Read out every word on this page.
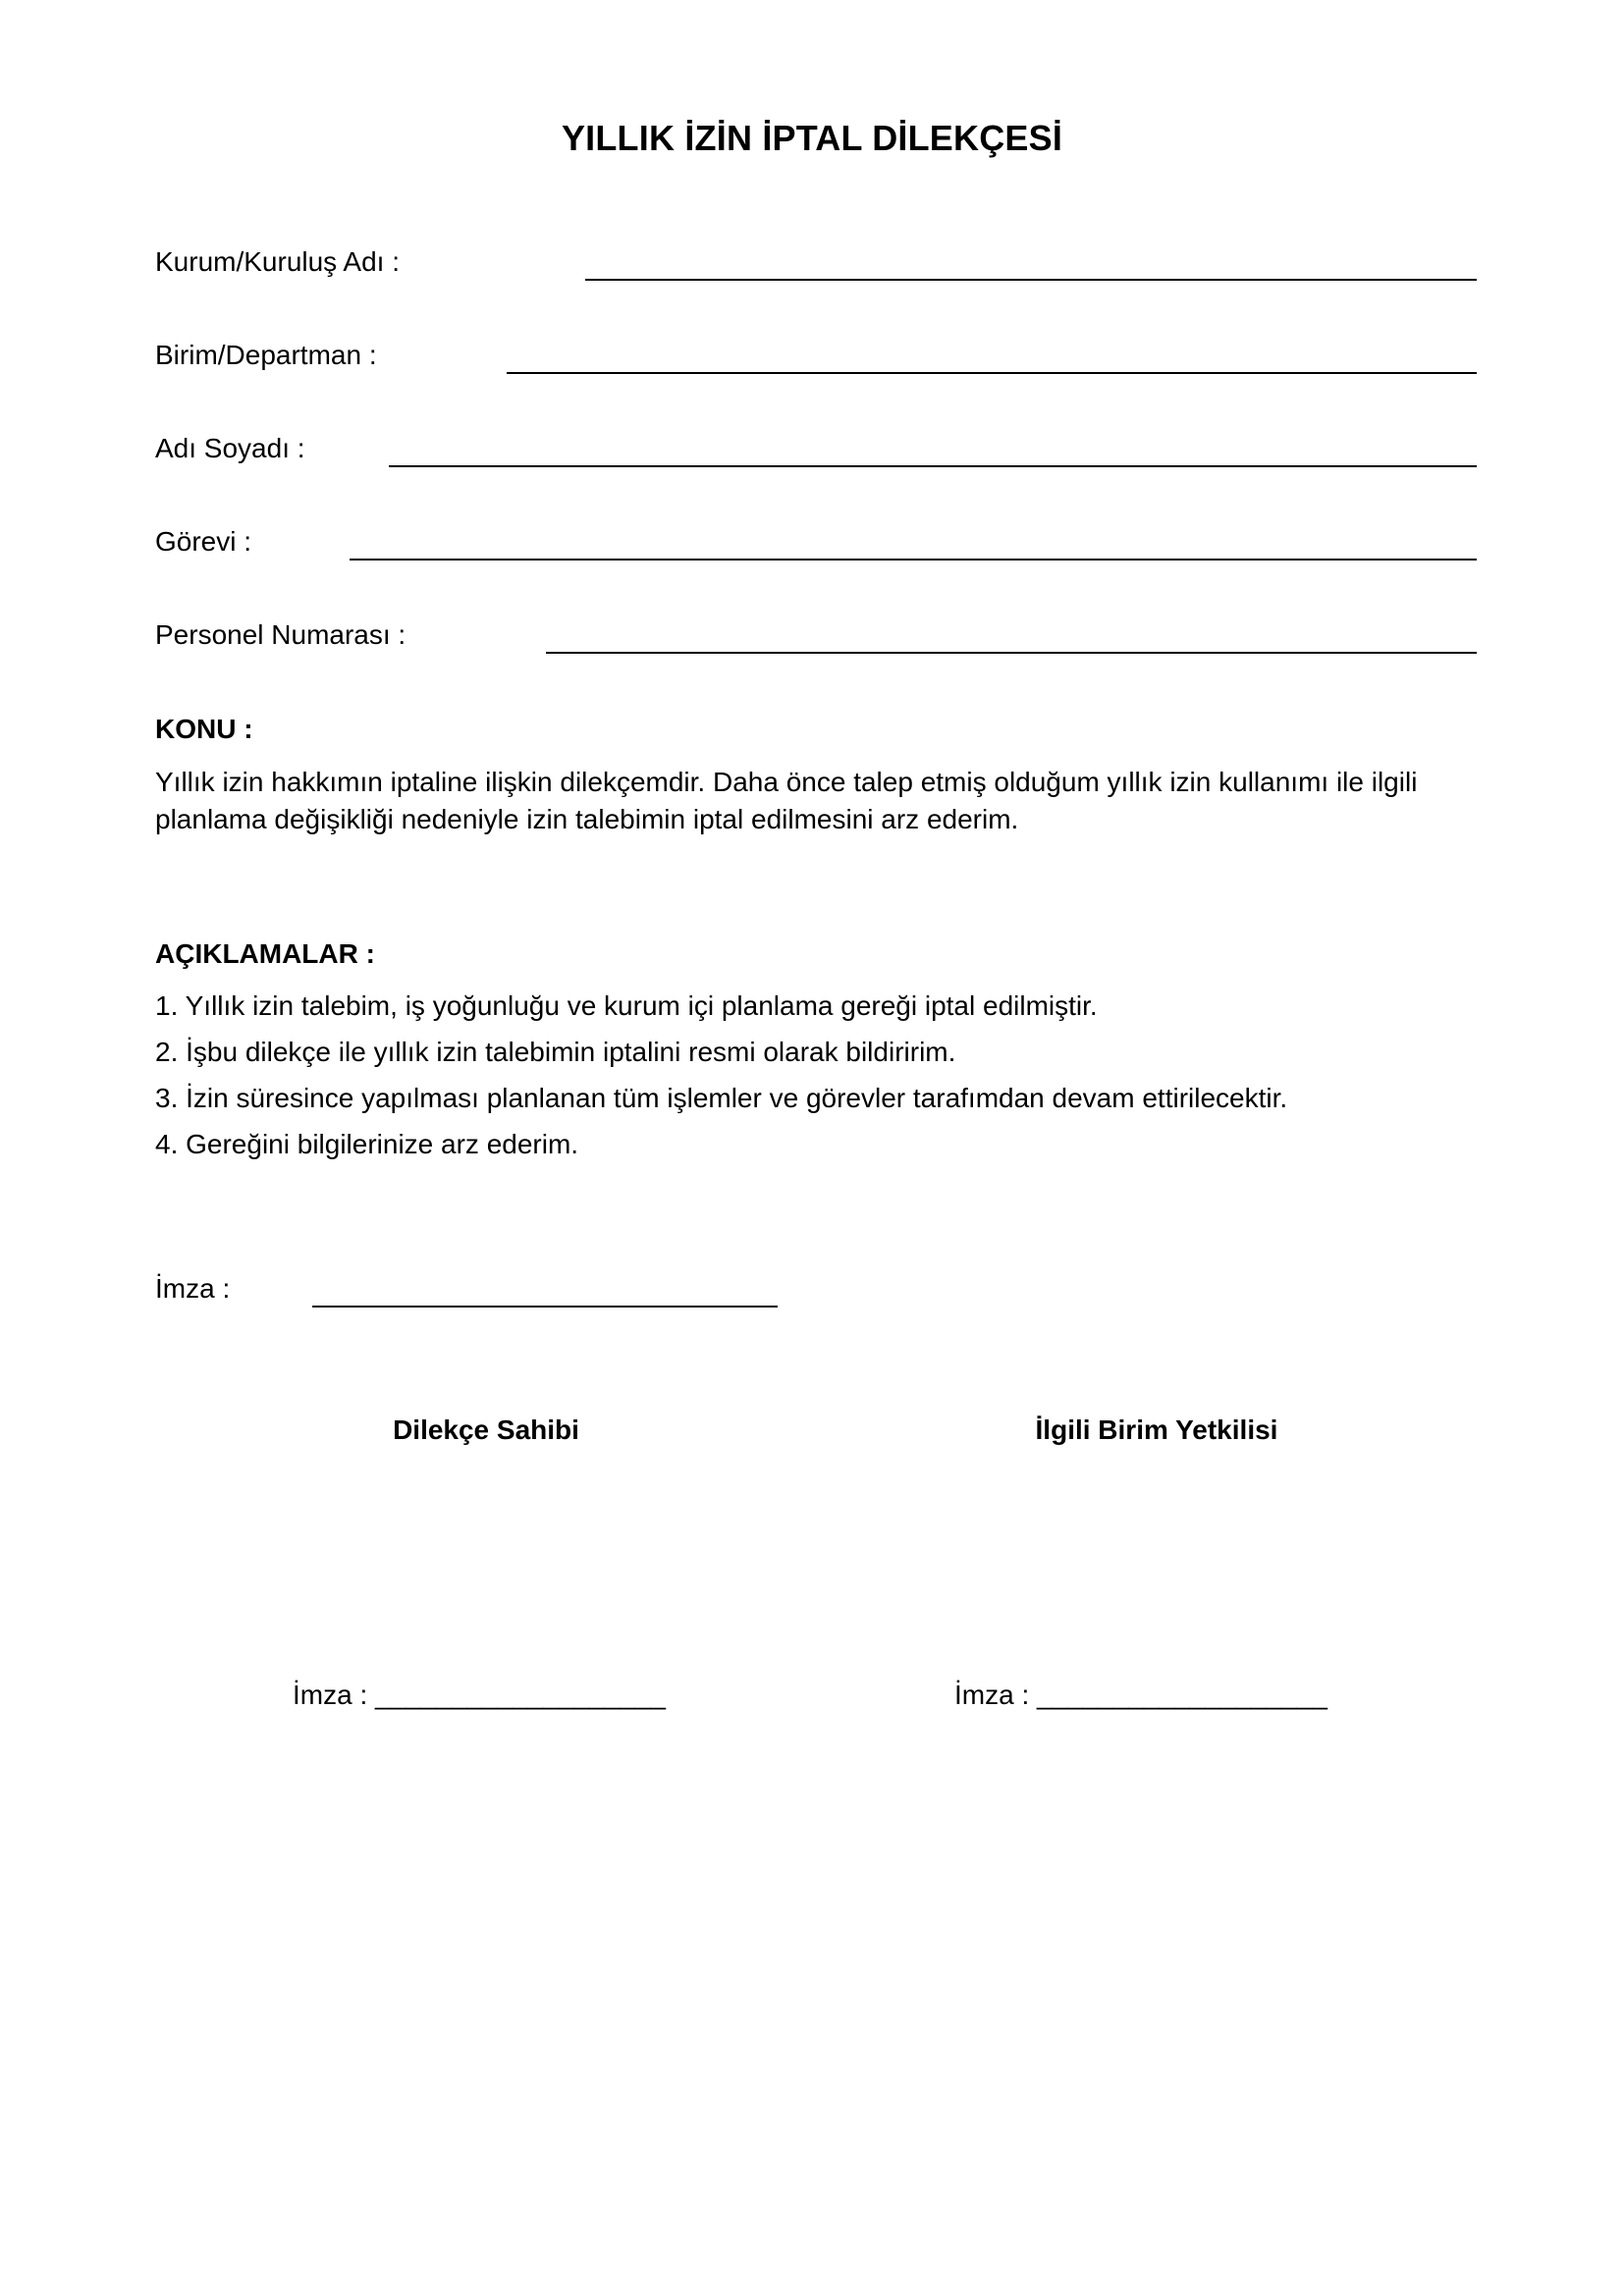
YILLIK İZİN İPTAL DİLEKÇESİ
Kurum/Kuruluş Adı :
Birim/Departman :
Adı Soyadı :
Görevi :
Personel Numarası :
KONU :
Yıllık izin hakkımın iptaline ilişkin dilekçemdir. Daha önce talep etmiş olduğum yıllık izin kullanımı ile ilgili planlama değişikliği nedeniyle izin talebimin iptal edilmesini arz ederim.
AÇIKLAMALAR :
1. Yıllık izin talebim, iş yoğunluğu ve kurum içi planlama gereği iptal edilmiştir.
2. İşbu dilekçe ile yıllık izin talebimin iptalini resmi olarak bildiririm.
3. İzin süresince yapılması planlanan tüm işlemler ve görevler tarafımdan devam ettirilecektir.
4. Gereğini bilgilerinize arz ederim.
İmza :
Dilekçe Sahibi	İlgili Birim Yetkilisi
İmza : ___________________	İmza : ___________________
